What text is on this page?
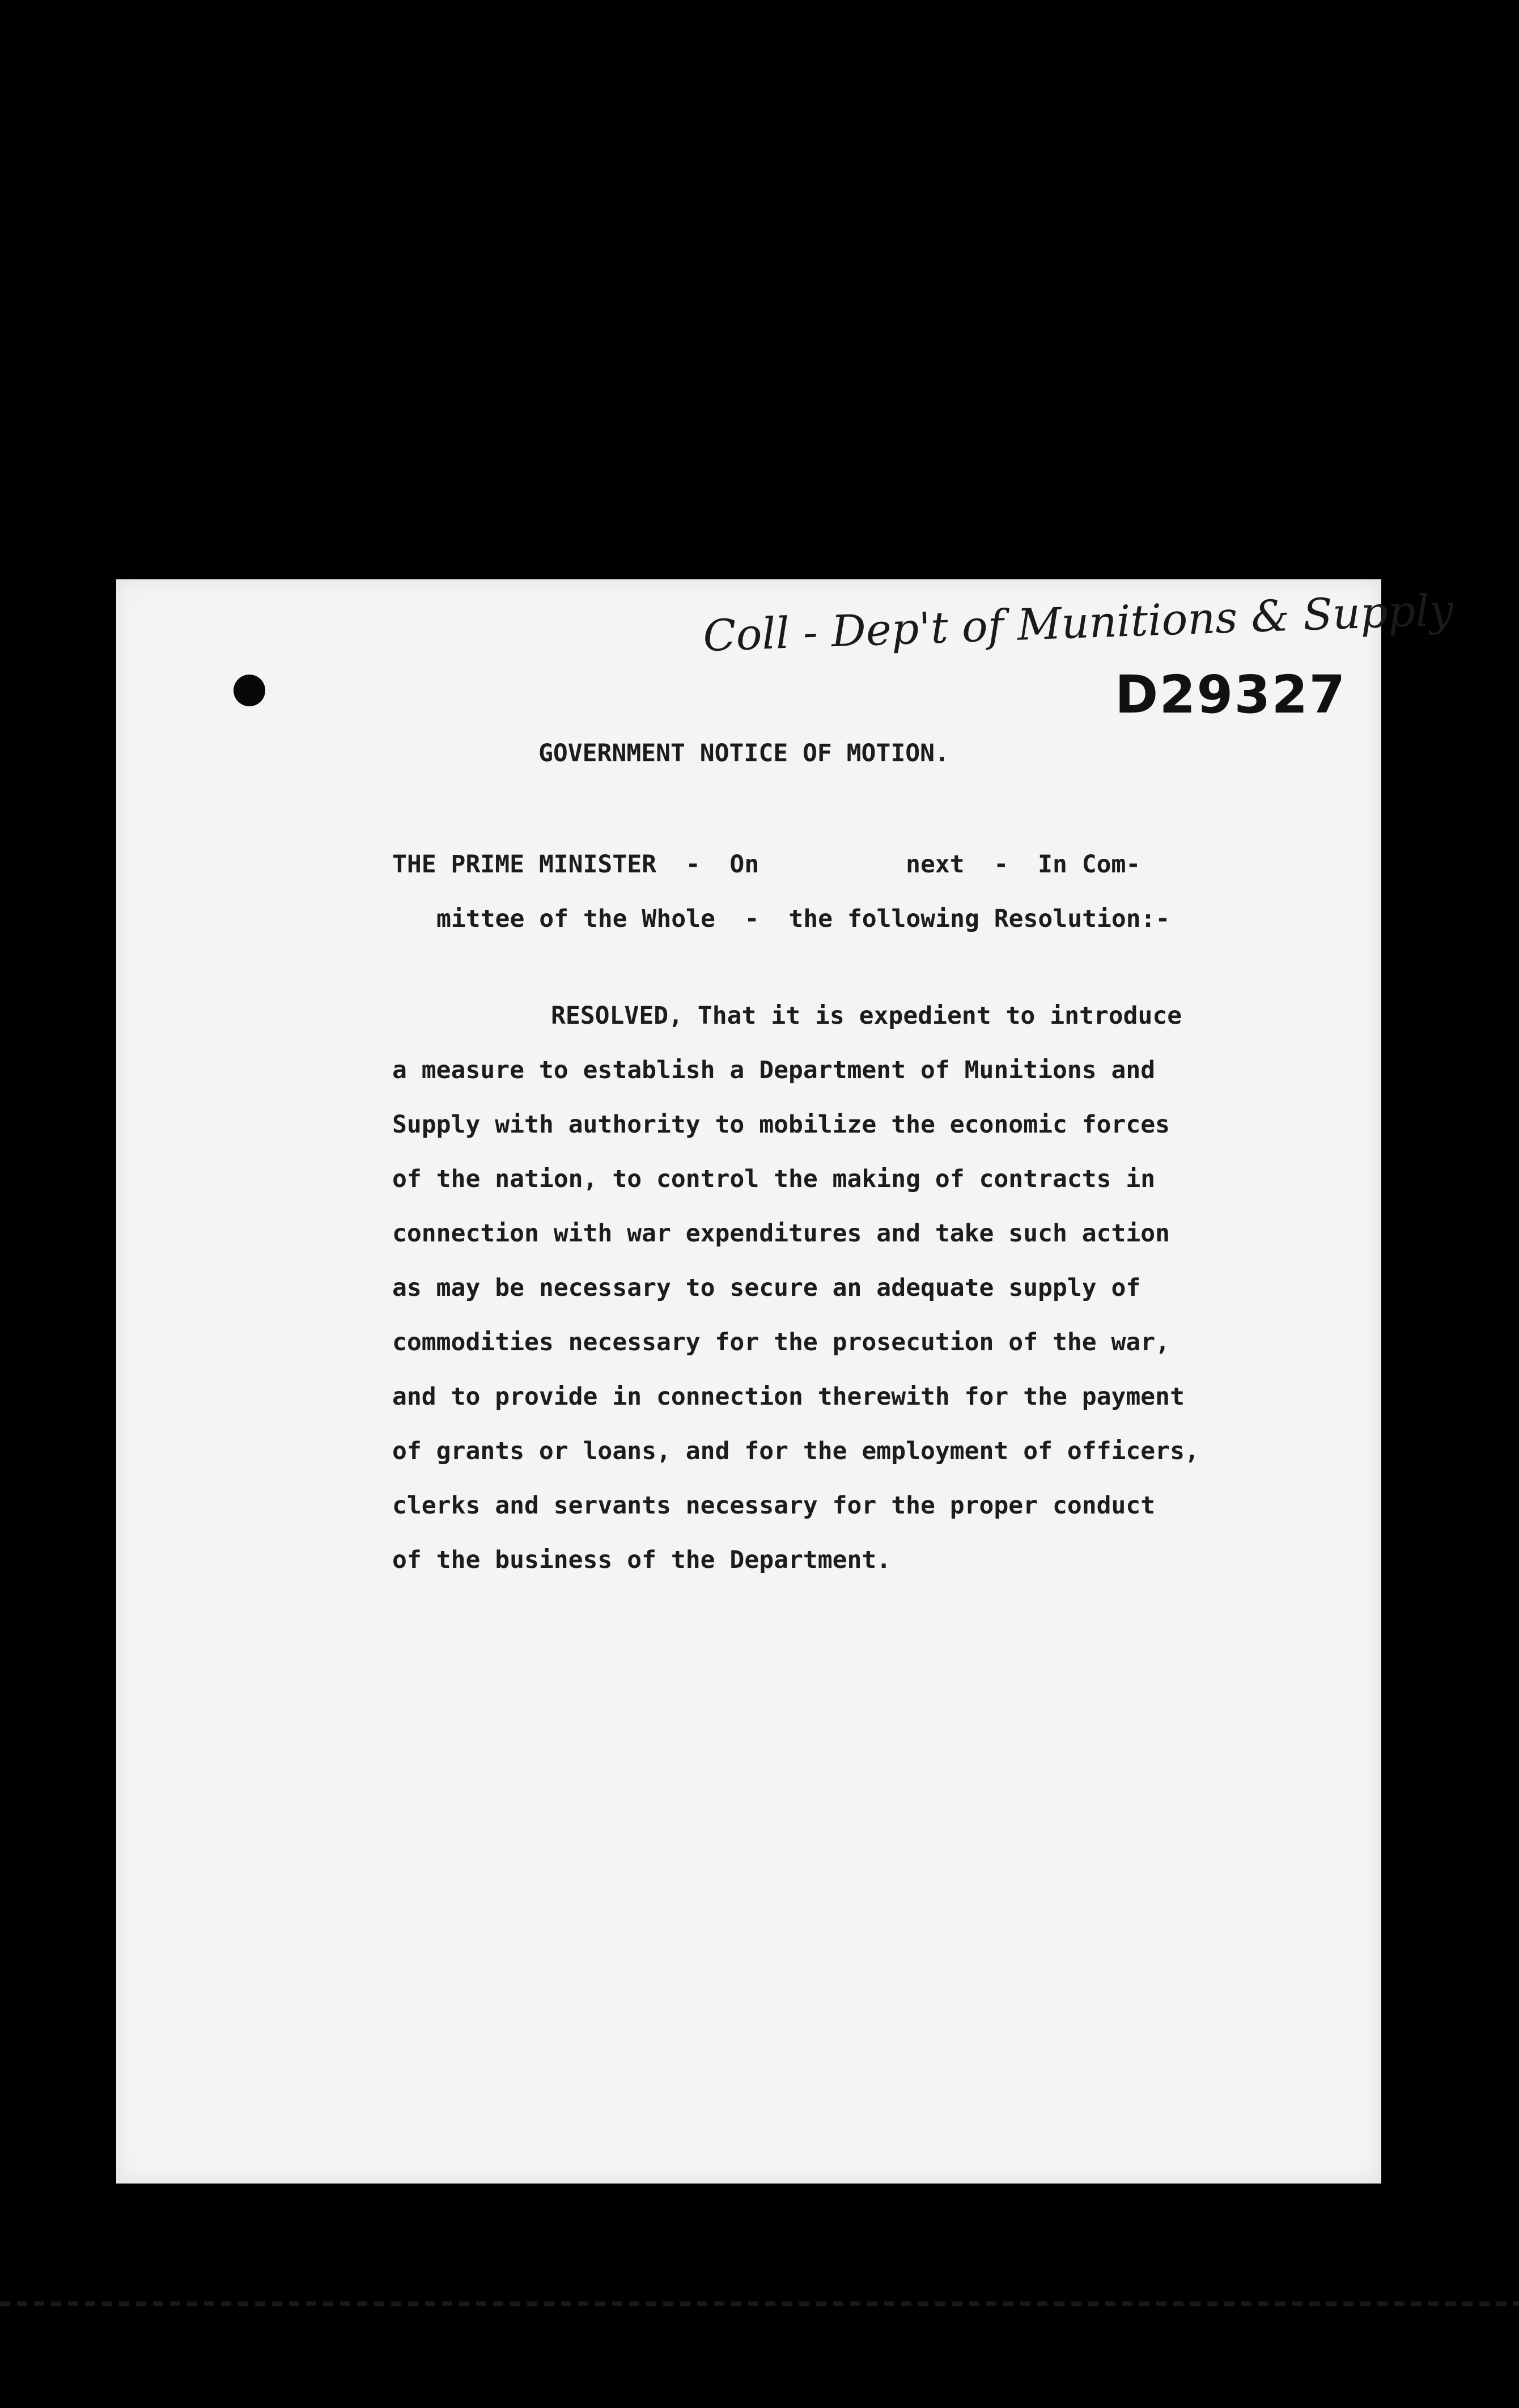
Coll - Dep't of Munitions & Supply
D29327
GOVERNMENT NOTICE OF MOTION.
THE PRIME MINISTER  -  On          next  -  In Com-
mittee of the Whole  -  the following Resolution:-
RESOLVED, That it is expedient to introduce
a measure to establish a Department of Munitions and
Supply with authority to mobilize the economic forces
of the nation, to control the making of contracts in
connection with war expenditures and take such action
as may be necessary to secure an adequate supply of
commodities necessary for the prosecution of the war,
and to provide in connection therewith for the payment
of grants or loans, and for the employment of officers,
clerks and servants necessary for the proper conduct
of the business of the Department.
